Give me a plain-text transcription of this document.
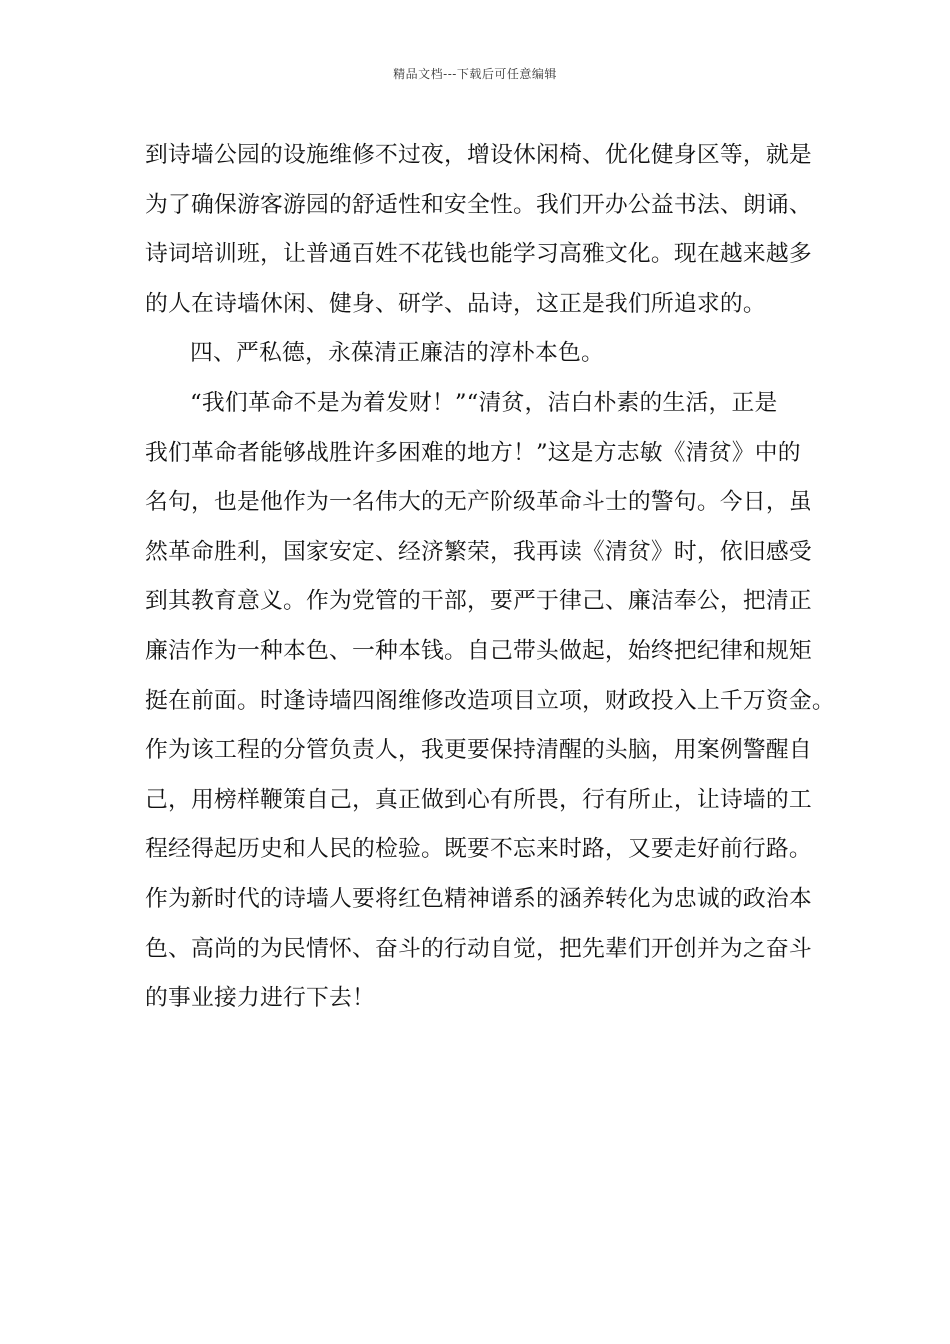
精品文档---下载后可任意编辑
到诗墙公园的设施维修不过夜，增设休闲椅、优化健身区等，就是
为了确保游客游园的舒适性和安全性。我们开办公益书法、朗诵、
诗词培训班，让普通百姓不花钱也能学习高雅文化。现在越来越多
的人在诗墙休闲、健身、研学、品诗，这正是我们所追求的。
四、严私德，永葆清正廉洁的淳朴本色。
“我们革命不是为着发财！”“清贫，洁白朴素的生活，正是
我们革命者能够战胜许多困难的地方！”这是方志敏《清贫》中的
名句，也是他作为一名伟大的无产阶级革命斗士的警句。今日，虽
然革命胜利，国家安定、经济繁荣，我再读《清贫》时，依旧感受
到其教育意义。作为党管的干部，要严于律己、廉洁奉公，把清正
廉洁作为一种本色、一种本钱。自己带头做起，始终把纪律和规矩
挺在前面。时逢诗墙四阁维修改造项目立项，财政投入上千万资金。
作为该工程的分管负责人，我更要保持清醒的头脑，用案例警醒自
己，用榜样鞭策自己，真正做到心有所畏，行有所止，让诗墙的工
程经得起历史和人民的检验。既要不忘来时路，又要走好前行路。
作为新时代的诗墙人要将红色精神谱系的涵养转化为忠诚的政治本
色、高尚的为民情怀、奋斗的行动自觉，把先辈们开创并为之奋斗
的事业接力进行下去！
